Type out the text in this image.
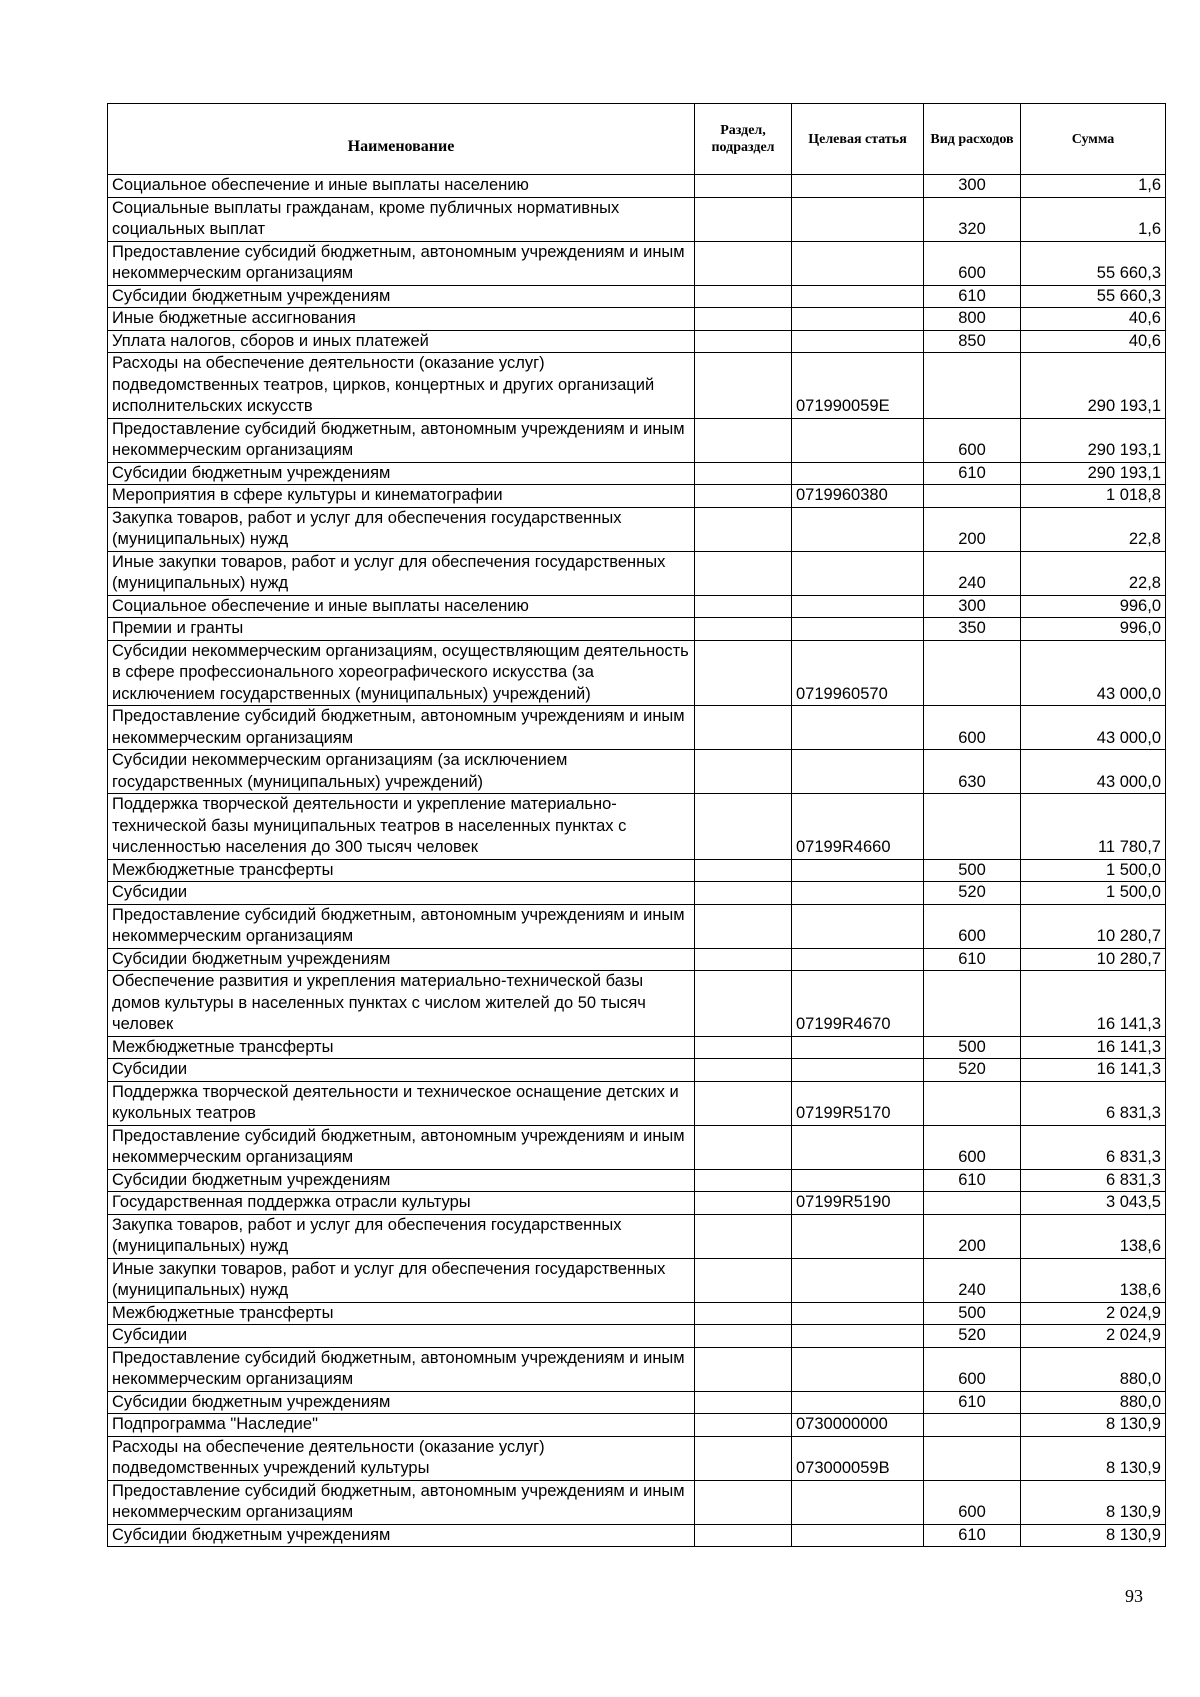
Наименование	Раздел, подраздел	Целевая статья	Вид расходов	Сумма
Социальное обеспечение и иные выплаты населению			300	1,6
Социальные выплаты гражданам, кроме публичных нормативных социальных выплат			320	1,6
Предоставление субсидий бюджетным, автономным учреждениям и иным некоммерческим организациям			600	55 660,3
Субсидии бюджетным учреждениям			610	55 660,3
Иные бюджетные ассигнования			800	40,6
Уплата налогов, сборов и иных платежей			850	40,6
Расходы на обеспечение деятельности (оказание услуг) подведомственных театров, цирков, концертных и других организаций исполнительских искусств		071990059E		290 193,1
Предоставление субсидий бюджетным, автономным учреждениям и иным некоммерческим организациям			600	290 193,1
Субсидии бюджетным учреждениям			610	290 193,1
Мероприятия в сфере культуры и кинематографии		0719960380		1 018,8
Закупка товаров, работ и услуг для обеспечения государственных (муниципальных) нужд			200	22,8
Иные закупки товаров, работ и услуг для обеспечения государственных (муниципальных) нужд			240	22,8
Социальное обеспечение и иные выплаты населению			300	996,0
Премии и гранты			350	996,0
Субсидии некоммерческим организациям, осуществляющим деятельность в сфере профессионального хореографического искусства (за исключением государственных (муниципальных) учреждений)		0719960570		43 000,0
Предоставление субсидий бюджетным, автономным учреждениям и иным некоммерческим организациям			600	43 000,0
Субсидии некоммерческим организациям (за исключением государственных (муниципальных) учреждений)			630	43 000,0
Поддержка творческой деятельности и укрепление материально-технической базы муниципальных театров в населенных пунктах с численностью населения до 300 тысяч человек		07199R4660		11 780,7
Межбюджетные трансферты			500	1 500,0
Субсидии			520	1 500,0
Предоставление субсидий бюджетным, автономным учреждениям и иным некоммерческим организациям			600	10 280,7
Субсидии бюджетным учреждениям			610	10 280,7
Обеспечение развития и укрепления материально-технической базы домов культуры в населенных пунктах с числом жителей до 50 тысяч человек		07199R4670		16 141,3
Межбюджетные трансферты			500	16 141,3
Субсидии			520	16 141,3
Поддержка творческой деятельности и техническое оснащение детских и кукольных театров		07199R5170		6 831,3
Предоставление субсидий бюджетным, автономным учреждениям и иным некоммерческим организациям			600	6 831,3
Субсидии бюджетным учреждениям			610	6 831,3
Государственная поддержка отрасли культуры		07199R5190		3 043,5
Закупка товаров, работ и услуг для обеспечения государственных (муниципальных) нужд			200	138,6
Иные закупки товаров, работ и услуг для обеспечения государственных (муниципальных) нужд			240	138,6
Межбюджетные трансферты			500	2 024,9
Субсидии			520	2 024,9
Предоставление субсидий бюджетным, автономным учреждениям и иным некоммерческим организациям			600	880,0
Субсидии бюджетным учреждениям			610	880,0
Подпрограмма "Наследие"		0730000000		8 130,9
Расходы на обеспечение деятельности (оказание услуг) подведомственных учреждений культуры		073000059B		8 130,9
Предоставление субсидий бюджетным, автономным учреждениям и иным некоммерческим организациям			600	8 130,9
Субсидии бюджетным учреждениям			610	8 130,9
93
